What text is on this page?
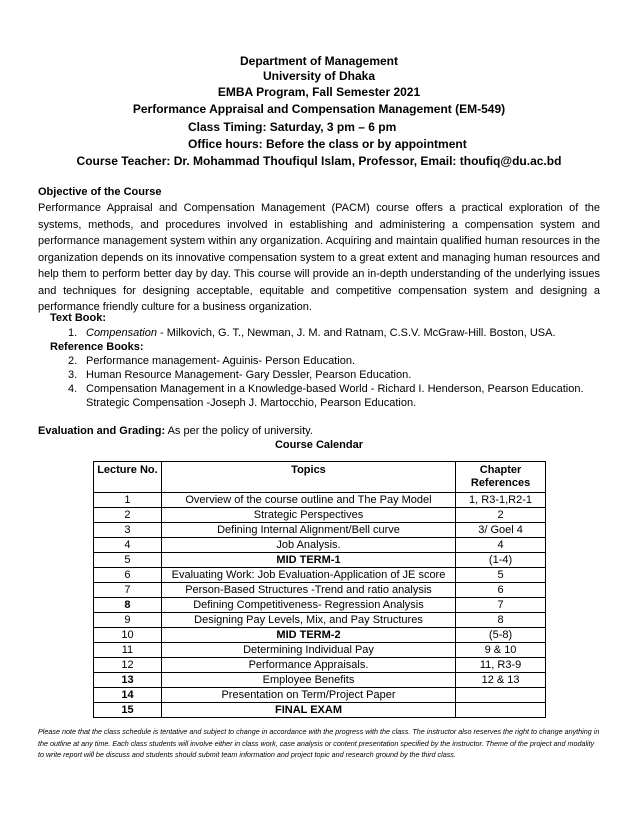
Department of Management
University of Dhaka
EMBA Program, Fall Semester 2021
Performance Appraisal and Compensation Management (EM-549)
Class Timing: Saturday, 3 pm – 6 pm
Office hours: Before the class or by appointment
Course Teacher: Dr. Mohammad Thoufiqul Islam, Professor, Email: thoufiq@du.ac.bd
Objective of the Course

Performance Appraisal and Compensation Management (PACM) course offers a practical exploration of the systems, methods, and procedures involved in establishing and administering a compensation system and performance management system within any organization. Acquiring and maintain qualified human resources in the organization depends on its innovative compensation system to a great extent and managing human resources and help them to perform better day by day. This course will provide an in-depth understanding of the underlying issues and techniques for designing acceptable, equitable and competitive compensation system and designing a performance friendly culture for a business organization.

Text Book:
1. Compensation - Milkovich, G. T., Newman, J. M. and Ratnam, C.S.V. McGraw-Hill. Boston, USA.
Reference Books:
2. Performance management- Aguinis- Person Education.
3. Human Resource Management- Gary Dessler, Pearson Education.
4. Compensation Management in a Knowledge-based World - Richard I. Henderson, Pearson Education.
Strategic Compensation -Joseph J. Martocchio, Pearson Education.
Evaluation and Grading: As per the policy of university.
Course Calendar
Lecture No.	Topics	Chapter
References
1	Overview of the course outline and The Pay Model	1, R3-1,R2-1
2	Strategic Perspectives	2
3	Defining Internal Alignment/Bell curve	3/ Goel 4
4	Job Analysis.	4
5	MID TERM-1	(1-4)
6	Evaluating Work: Job Evaluation-Application of JE score	5
7	Person-Based Structures -Trend and ratio analysis	6
8	Defining Competitiveness- Regression Analysis	7
9	Designing Pay Levels, Mix, and Pay Structures	8
10	MID TERM-2	(5-8)
11	Determining Individual Pay	9 & 10
12	Performance Appraisals.	11, R3-9
13	Employee Benefits	12 & 13
14	Presentation on Term/Project Paper	
15	FINAL EXAM	

Please note that the class schedule is tentative and subject to change in accordance with the progress with the class. The instructor also reserves the right to change anything in the outline at any time. Each class students will involve either in class work, case analysis or content presentation specified by the instructor. Theme of the project and modality to write report will be discuss and students should submit team information and project topic and research ground by the third class.
